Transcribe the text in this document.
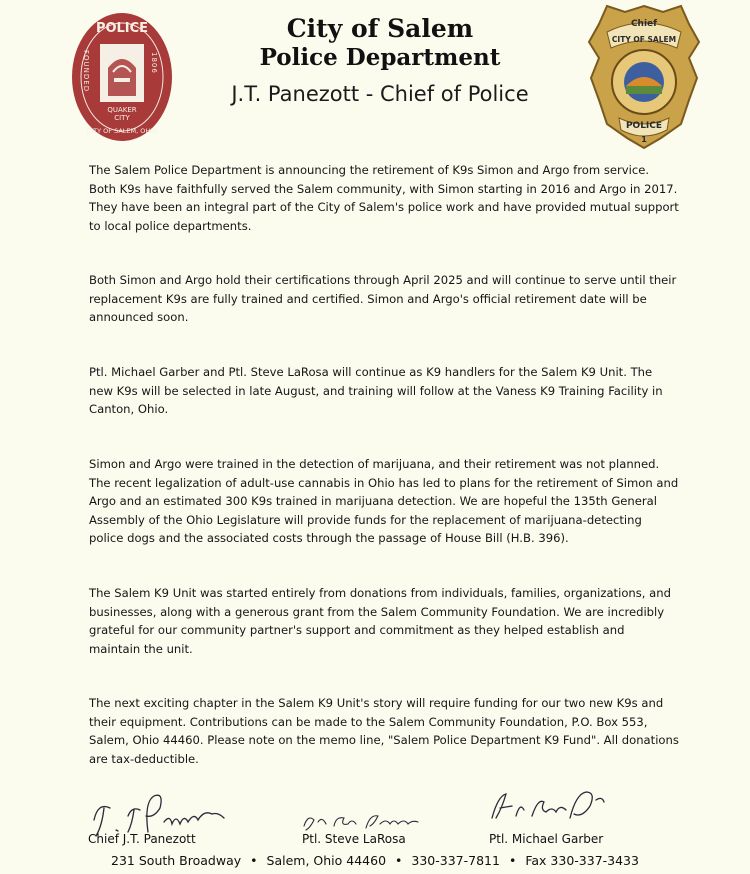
POLICE
FOUNDED	1806
QUAKER
CITY
CITY OF SALEM, OHIO
City of Salem
Police Department
J.T. Panezott - Chief of Police
Chief
CITY OF SALEM
POLICE
1

The Salem Police Department is announcing the retirement of K9s Simon and Argo from service. Both K9s have faithfully served the Salem community, with Simon starting in 2016 and Argo in 2017. They have been an integral part of the City of Salem's police work and have provided mutual support to local police departments.

Both Simon and Argo hold their certifications through April 2025 and will continue to serve until their replacement K9s are fully trained and certified. Simon and Argo's official retirement date will be announced soon.

Ptl. Michael Garber and Ptl. Steve LaRosa will continue as K9 handlers for the Salem K9 Unit. The new K9s will be selected in late August, and training will follow at the Vaness K9 Training Facility in Canton, Ohio.

Simon and Argo were trained in the detection of marijuana, and their retirement was not planned. The recent legalization of adult-use cannabis in Ohio has led to plans for the retirement of Simon and Argo and an estimated 300 K9s trained in marijuana detection. We are hopeful the 135th General Assembly of the Ohio Legislature will provide funds for the replacement of marijuana-detecting police dogs and the associated costs through the passage of House Bill (H.B. 396).

The Salem K9 Unit was started entirely from donations from individuals, families, organizations, and businesses, along with a generous grant from the Salem Community Foundation. We are incredibly grateful for our community partner's support and commitment as they helped establish and maintain the unit.

The next exciting chapter in the Salem K9 Unit's story will require funding for our two new K9s and their equipment. Contributions can be made to the Salem Community Foundation, P.O. Box 553, Salem, Ohio 44460. Please note on the memo line, "Salem Police Department K9 Fund". All donations are tax-deductible.

Chief J.T. Panezott	Ptl. Steve LaRosa	Ptl. Michael Garber
231 South Broadway • Salem, Ohio 44460 • 330-337-7811 • Fax 330-337-3433
